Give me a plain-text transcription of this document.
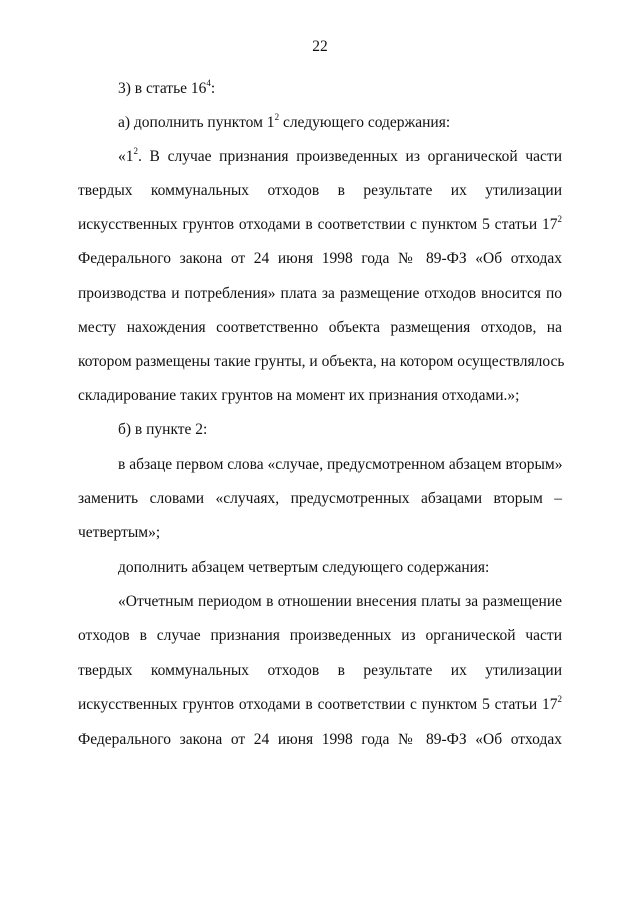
22
3) в статье $16^4$:
а) дополнить пунктом $1^2$ следующего содержания:
«$1^2$. В случае признания произведенных из органической части
твердых коммунальных отходов в результате их утилизации
искусственных грунтов отходами в соответствии с пунктом 5 статьи $17^2$
Федерального закона от 24 июня 1998 года № 89-ФЗ «Об отходах
производства и потребления» плата за размещение отходов вносится по
месту нахождения соответственно объекта размещения отходов, на
котором размещены такие грунты, и объекта, на котором осуществлялось
складирование таких грунтов на момент их признания отходами.»;
б) в пункте 2:
в абзаце первом слова «случае, предусмотренном абзацем вторым»
заменить словами «случаях, предусмотренных абзацами вторым –
четвертым»;
дополнить абзацем четвертым следующего содержания:
«Отчетным периодом в отношении внесения платы за размещение
отходов в случае признания произведенных из органической части
твердых коммунальных отходов в результате их утилизации
искусственных грунтов отходами в соответствии с пунктом 5 статьи $17^2$
Федерального закона от 24 июня 1998 года № 89-ФЗ «Об отходах
